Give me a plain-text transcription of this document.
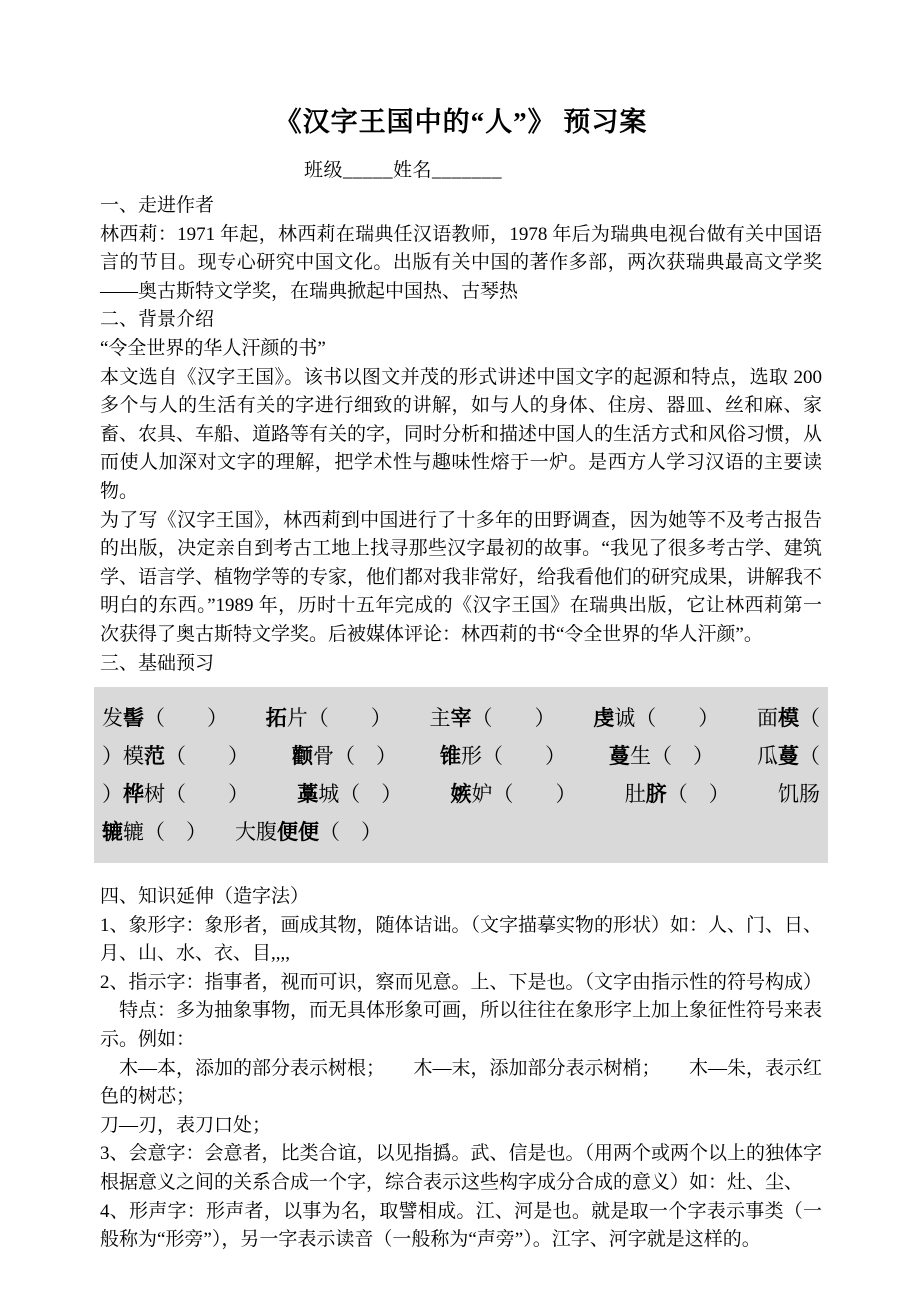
《汉字王国中的“人”》 预习案
班级_____姓名_______
一、走进作者

林西莉：1971 年起，林西莉在瑞典任汉语教师，1978 年后为瑞典电视台做有关中国语言的节目。现专心研究中国文化。出版有关中国的著作多部，两次获瑞典最高文学奖——奥古斯特文学奖，在瑞典掀起中国热、古琴热

二、背景介绍
“令全世界的华人汗颜的书”

本文选自《汉字王国》。该书以图文并茂的形式讲述中国文字的起源和特点，选取 200 多个与人的生活有关的字进行细致的讲解，如与人的身体、住房、器皿、丝和麻、家畜、农具、车船、道路等有关的字，同时分析和描述中国人的生活方式和风俗习惯，从而使人加深对文字的理解，把学术性与趣味性熔于一炉。是西方人学习汉语的主要读物。

为了写《汉字王国》，林西莉到中国进行了十多年的田野调查，因为她等不及考古报告的出版，决定亲自到考古工地上找寻那些汉字最初的故事。“我见了很多考古学、建筑学、语言学、植物学等的专家，他们都对我非常好，给我看他们的研究成果，讲解我不明白的东西。”1989 年，历时十五年完成的《汉字王国》在瑞典出版，它让林西莉第一次获得了奥古斯特文学奖。后被媒体评论：林西莉的书“令全世界的华人汗颜”。

三、基础预习
发髻（　　） 拓片（　　） 主宰（　　） 虔诚（　　） 面模（
）模范（　　） 颧骨（　） 锥形（　　） 蔓生（　） 瓜蔓（
）桦树（　　） 藁城（　） 嫉妒（　　） 肚脐（　） 饥肠
辘辘（　） 大腹便便（　）
四、知识延伸（造字法）

1、象形字：象形者，画成其物，随体诘诎。（文字描摹实物的形状）如：人、门、日、月、山、水、衣、目,,,,

2、指示字：指事者，视而可识，察而见意。上、下是也。（文字由指示性的符号构成）

　特点：多为抽象事物，而无具体形象可画，所以往往在象形字上加上象征性符号来表示。例如：

　木—本，添加的部分表示树根；　　木—末，添加部分表示树梢；　　木—朱，表示红色的树芯；

刀—刃，表刀口处；

3、会意字：会意者，比类合谊，以见指撝。武、信是也。（用两个或两个以上的独体字根据意义之间的关系合成一个字，综合表示这些构字成分合成的意义）如：灶、尘、

4、形声字：形声者，以事为名，取譬相成。江、河是也。就是取一个字表示事类（一般称为“形旁”），另一字表示读音（一般称为“声旁”）。江字、河字就是这样的。
